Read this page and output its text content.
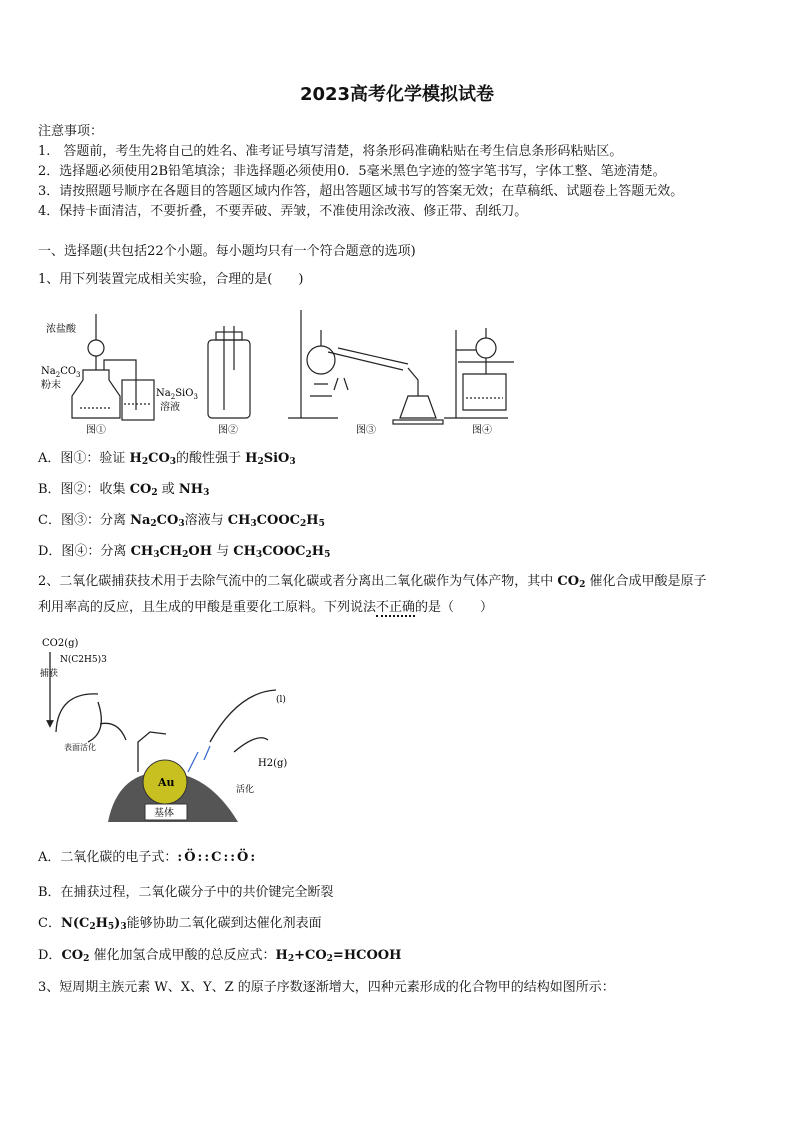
2023高考化学模拟试卷
注意事项：
1.　答题前，考生先将自己的姓名、准考证号填写清楚，将条形码准确粘贴在考生信息条形码粘贴区。
2．选择题必须使用2B铅笔填涂；非选择题必须使用0．5毫米黑色字迹的签字笔书写，字体工整、笔迹清楚。
3．请按照题号顺序在各题目的答题区域内作答，超出答题区域书写的答案无效；在草稿纸、试题卷上答题无效。
4．保持卡面清洁，不要折叠，不要弄破、弄皱，不准使用涂改液、修正带、刮纸刀。
一、选择题(共包括22个小题。每小题均只有一个符合题意的选项)
1、用下列装置完成相关实验，合理的是(　　)
浓盐酸
$Na_2CO_3$
粉末
$Na_2SiO_3$
溶液
图①	图②	图③	图④
A．图①：验证 $H_2CO_3$的酸性强于 $H_2SiO_3$
B．图②：收集 $CO_2$ 或 $NH_3$
C．图③：分离 $Na_2CO_3$溶液与 $CH_3COOC_2H_5$
D．图④：分离 $CH_3CH_2OH$ 与 $CH_3COOC_2H_5$
2、二氧化碳捕获技术用于去除气流中的二氧化碳或者分离出二氧化碳作为气体产物，其中 $CO_2$ 催化合成甲酸是原子
利用率高的反应，且生成的甲酸是重要化工原料。下列说法不正确的是（　　）
CO2(g)
N(C2H5)3
捕获
表面活化
H2(g)
活化
Au
基体
(l)
A．二氧化碳的电子式：:Ö::C::Ö:
B．在捕获过程，二氧化碳分子中的共价键完全断裂
C．$N(C_2H_5)_3$能够协助二氧化碳到达催化剂表面
D．$CO_2$ 催化加氢合成甲酸的总反应式：$H_2+CO_2=HCOOH$
3、短周期主族元素 W、X、Y、Z 的原子序数逐渐增大，四种元素形成的化合物甲的结构如图所示：
